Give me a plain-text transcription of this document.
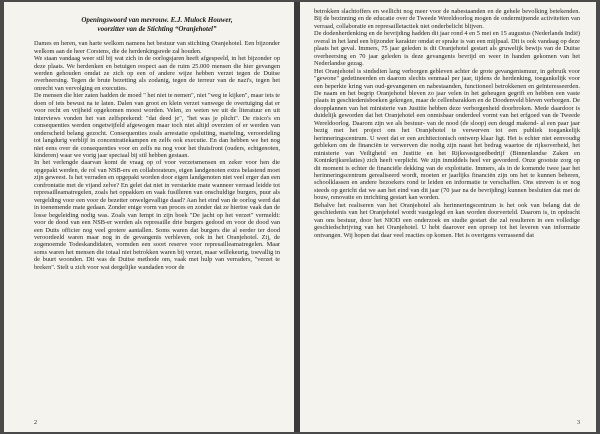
Openingswoord van mevrouw. E.J. Mulock Houwer,
voorzitter van de Stichting “Oranjehotel”

Dames en heren, van harte welkom namens het bestuur van stichting Oranjehotel. Een bijzonder welkom aan de heer Corstens, die de herdenkingsrede zal houden.

We staan vandaag weer stil bij wat zich in de oorlogsjaren heeft afgespeeld, in het bijzonder op deze plaats. We herdenken en betuigen respect aan de ruim 25.000 mensen die hier gevangen werden gehouden omdat ze zich op een of andere wijze hebben verzet tegen de Duitse overheersing. Tegen de brute bezetting als zodanig, tegen de terreur van de nazi's, tegen het onrecht van vervolging en executies.

De mensen die hier zaten hadden de moed " het niet te nemen", niet "weg te kijken", maar iets te doen of iets bewust na te laten. Dalen van groot en klein verzet vanwege de overtuiging dat er voor recht en vrijheid opgekomen moest worden. Velen, zo weten we uit de literatuur en uit interviews vonden het van zelfsprekend: "dat deed je", "het was je plicht". De risico's en consequenties werden ongetwijfeld afgewogen maar toch niet altijd overzien of er werden van onderscheid belang gezocht. Consequenties zoals arrestatie opsluiting, marteling, veroordeling tot langdurig verblijf in concentratiekampen en zelfs ook executie. En dan hebben we het nog niet eens over de consequenties voor en zelfs nu nog voor het thuisfront (ouders, echtgenoten, kinderen) waar we vorig jaar speciaal bij stil hebben gestaan.

In het verlengde daarvan komt de vraag op of voor verzetsmensen en zeker voor hen die opgepakt werden, de rol van NSB-ers en collaborateurs, eigen landgenoten extra belastend moet zijn geweest. Is het verraden en opgepakt worden door eigen landgenoten niet veel erger dan een confrontatie met de vijand zelve? En gelet dat niet in verstarkte mate wanneer verraad leidde tot represailleamatregelen, zoals het oppakken en vaak fusilleren van onschuldige burgers, puur als vergelding voor een voor de bezetter onwelgevallige daad? Aan het eind van de oorlog werd dat in toenemende mate gedaan. Zonder enige vorm van proces en zonder dat ze hiertoe vaak dan de losse begeleiding nodig was. Zoals van Iempt in zijn boek "De jacht op het verzet" vermeldt: voor de dood van een NSB-er werden als represaille drie burgers gedood en voor de dood van een Duits officier nog veel grotere aantallen. Soms waren dat burgers die al eerder ter dood veroordeeld waren maar nog in de gevangenis verbleven, ook in het Oranjehotel. Zij, de zogenoemde Todeskandidaten, vormden een soort reserve voor represailleamatregelen. Maar soms waren het mensen die totaal niet betrokken waren bij verzet, maar willekeurig, toevallig in de buurt woonden. Dit was de Duitse methode om, vaak met hulp van verraders, "verzet te breken". Stelt u zich voor wat dergelijke wandaden voor de

2

betrokken slachtoffers en wellicht nog meer voor de nabestaanden en de gehele bevolking betekenden. Bij de bezinning en de educatie over de Tweede Wereldoorlog mogen de ondermijnende activiteiten van verraad, collaboratie en represailletactiek niet onderbelicht blijven.

De dodenherdenking en de bevrijding hadden dit jaar rond 4 en 5 mei en 15 augustus (Nederlands Indië) overal in het land een bijzonder karakter omdat er sprake is van een mijlpaal. Dit is ook vandaag op deze plaats het geval. Immers, 75 jaar geleden is dit Oranjehotel gestart als gruwelijk bewijs van de Duitse overheersing en 70 jaar geleden is deze gevangenis bevrijd en weer in handen gekomen van het Nederlandse gezag.

Het Oranjehotel is sindsdien lang verborgen gebleven achter de grote gevangenismuur, in gebruik voor "gewone" gedetineerden en daarom slechts eenmaal per jaar, tijdens de herdenking, toegankelijk voor een beperkte kring van oud-gevangenen en nabestaanden, functioneel betrokkenen en geïnteresseerden. De naam en het begrip Oranjehotel bleven zo jaar velen in het geheugen gegrift en hebben een vaste plaats in geschiedenisboeken gekregen, maar de cellenbarakken en de Doodenveld bleven verborgen. De doopplannen van het ministerie van Justitie hebben deze verborgenheid doorbroken. Mede daardoor is duidelijk geworden dat het Oranjehotel een onmisbaar onderdeel vormt van het erfgoed van de Tweede Wereldoorlog. Daarom zijn we als bestuur- van de nood (de sloop) een deugd makend- al een paar jaar bezig met het project om het Oranjehotel te verwerven tot een publiek toegankelijk herinneringscentrum. U weet dat er een architectonisch ontwerp klaar ligt. Het is echter niet eenvoudig gebleken om de financiën te verwerven die nodig zijn naast het bedrag waartoe de rijksoverheid, het ministerie van Veiligheid en Justitie en het Rijksvastgoedbedrijf (Binnenlandse Zaken en Koninkrijksrelaties) zich heeft verplicht. We zijn inmiddels heel ver gevorderd. Onze grootste zorg op dit moment is echter de financiële dekking van de exploitatie. Immers, als in de komende twee jaar het herinneringscentrum gerealiseerd wordt, moeten er jaarlijks financiën zijn om het te kunnen beheren, schoolklassen en andere bezoekers rond te leiden en informatie te verschaffen. Ons streven is er nog steeds op gericht dat we aan het eind van dit jaar (70 jaar na de bevrijding) kunnen besluiten dat met de bouw, renovatie en inrichting gestart kan worden.

Behalve het realiseren van het Oranjehotel als herinneringscentrum is het ook van belang dat de geschiedenis van het Oranjehotel wordt vastgelegd en kan worden doorverteld. Daarom is, in opdracht van ons bestuur, door het NIOD een onderzoek en studie gestart die zal resulteren in een volledige geschiedschrijving van het Oranjehotel. U hebt daarover een oproep tot het leveren van informatie ontvangen. Wij hopen dat daar veel reacties op komen. Het is overigens verrassend dat

3
